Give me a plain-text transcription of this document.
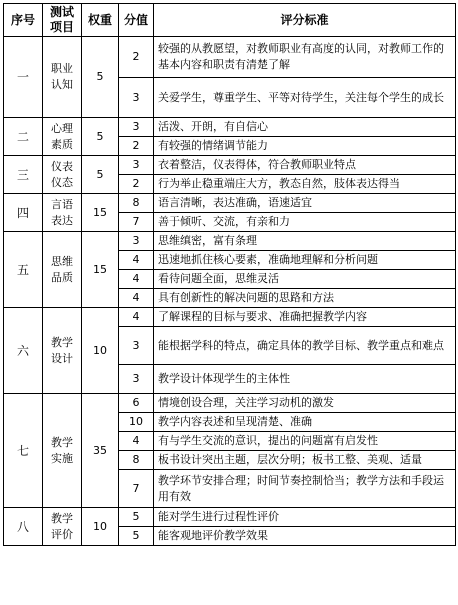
序号	测试项目	权重	分值	评分标准
一	职业认知	5	2	较强的从教愿望，对教师职业有高度的认同，对教师工作的基本内容和职责有清楚了解
			3	关爱学生，尊重学生、平等对待学生，关注每个学生的成长
二	心理素质	5	3	活泼、开朗，有自信心
			2	有较强的情绪调节能力
三	仪表仪态	5	3	衣着整洁，仪表得体，符合教师职业特点
			2	行为举止稳重端庄大方，教态自然，肢体表达得当
四	言语表达	15	8	语言清晰，表达准确，语速适宜
			7	善于倾听、交流，有亲和力
五	思维品质	15	3	思维缜密，富有条理
			4	迅速地抓住核心要素，准确地理解和分析问题
			4	看待问题全面，思维灵活
			4	具有创新性的解决问题的思路和方法
六	教学设计	10	4	了解课程的目标与要求、准确把握教学内容
			3	能根据学科的特点，确定具体的教学目标、教学重点和难点
			3	教学设计体现学生的主体性
七	教学实施	35	6	情境创设合理，关注学习动机的激发
			10	教学内容表述和呈现清楚、准确
			4	有与学生交流的意识，提出的问题富有启发性
			8	板书设计突出主题，层次分明；板书工整、美观、适量
			7	教学环节安排合理；时间节奏控制恰当；教学方法和手段运用有效
八	教学评价	10	5	能对学生进行过程性评价
			5	能客观地评价教学效果
